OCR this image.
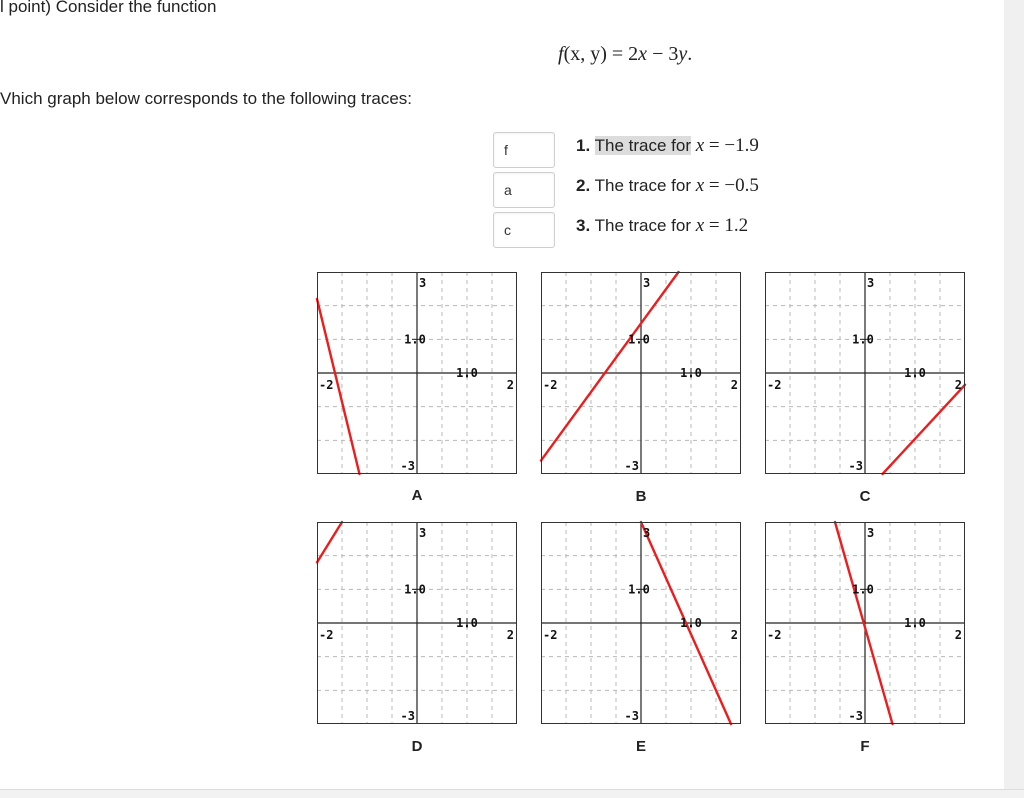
l point) Consider the function
f(x, y) = 2x − 3y.
Vhich graph below corresponds to the following traces:
f
a
c
1. The trace for x = −1.9
2. The trace for x = −0.5
3. The trace for x = 1.2
3
-3
-2	2
1.0
1.0
A
3
-3
-2	2
1.0
1.0
B
3
-3
-2	2
1.0
1.0
C
3
-3
-2	2
1.0
1.0
D
3
-3
-2	2
1.0
1.0
E
3
-3
-2	2
1.0
1.0
F
